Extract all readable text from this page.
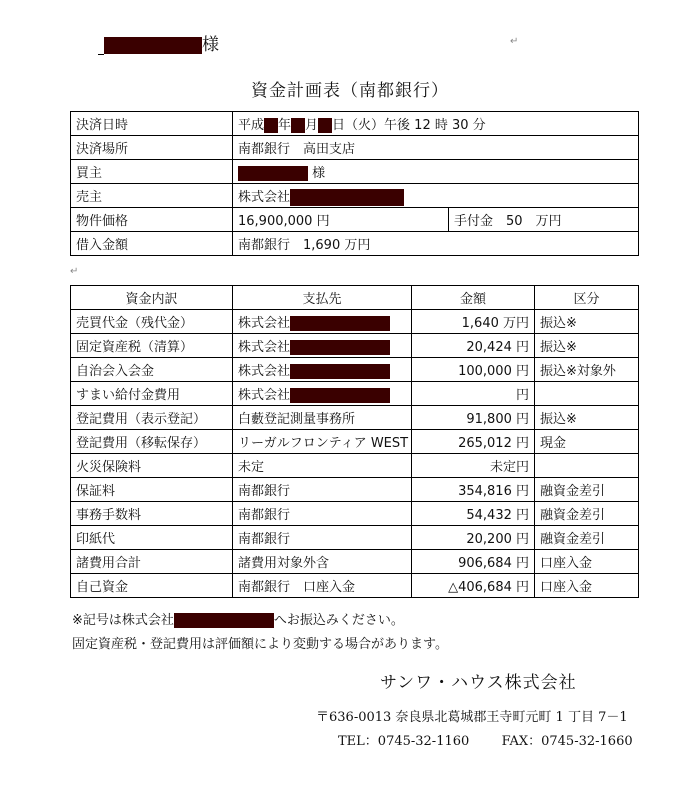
様	↵
資金計画表（南都銀行）
決済日時	平成 年 月 日（火）午後 12 時 30 分	
決済場所	南都銀行　高田支店	
買主	様	
売主	株式会社	
物件価格	16,900,000 円	手付金　50　万円
借入金額	南都銀行　1,690 万円	
↵
資金内訳	支払先	金額	区分
売買代金（残代金）	株式会社	1,640 万円	振込※
固定資産税（清算）	株式会社	20,424 円	振込※
自治会入会金	株式会社	100,000 円	振込※対象外
すまい給付金費用	株式会社	円	
登記費用（表示登記）	白藪登記測量事務所	91,800 円	振込※
登記費用（移転保存）	リーガルフロンティア WEST	265,012 円	現金
火災保険料	未定	未定円	
保証料	南都銀行	354,816 円	融資金差引
事務手数料	南都銀行	54,432 円	融資金差引
印紙代	南都銀行	20,200 円	融資金差引
諸費用合計	諸費用対象外含	906,684 円	口座入金
自己資金	南都銀行　口座入金	△406,684 円	口座入金
※記号は株式会社	へお振込みください。
固定資産税・登記費用は評価額により変動する場合があります。
サンワ・ハウス株式会社
〒636-0013 奈良県北葛城郡王寺町元町 1 丁目 7－1
TEL：0745-32-1160 FAX：0745-32-1660
